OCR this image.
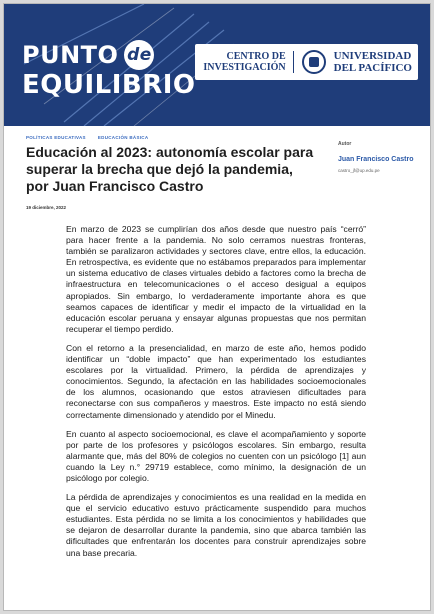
PUNTO de
EQUILIBRIO
CENTRO DE
INVESTIGACIÓN
UNIVERSIDAD
DEL PACÍFICO
POLÍTICAS EDUCATIVAS	EDUCACIÓN BÁSICA
Educación al 2023: autonomía escolar para superar la brecha que dejó la pandemia, por Juan Francisco Castro
19 diciembre, 2022
Autor
Juan Francisco Castro
castro_jf@up.edu.pe

En marzo de 2023 se cumplirían dos años desde que nuestro país “cerró” para hacer frente a la pandemia. No solo cerramos nuestras fronteras, también se paralizaron actividades y sectores clave, entre ellos, la educación. En retrospectiva, es evidente que no estábamos preparados para implementar un sistema educativo de clases virtuales debido a factores como la brecha de infraestructura en telecomunicaciones o el acceso desigual a equipos apropiados. Sin embargo, lo verdaderamente importante ahora es que seamos capaces de identificar y medir el impacto de la virtualidad en la educación escolar peruana y ensayar algunas propuestas que nos permitan recuperar el tiempo perdido.

Con el retorno a la presencialidad, en marzo de este año, hemos podido identificar un “doble impacto” que han experimentado los estudiantes escolares por la virtualidad. Primero, la pérdida de aprendizajes y conocimientos. Segundo, la afectación en las habilidades socioemocionales de los alumnos, ocasionando que estos atraviesen dificultades para reconectarse con sus compañeros y maestros. Este impacto no está siendo correctamente dimensionado y atendido por el Minedu.

En cuanto al aspecto socioemocional, es clave el acompañamiento y soporte por parte de los profesores y psicólogos escolares. Sin embargo, resulta alarmante que, más del 80% de colegios no cuenten con un psicólogo [1] aun cuando la Ley n.° 29719 establece, como mínimo, la designación de un psicólogo por colegio.

La pérdida de aprendizajes y conocimientos es una realidad en la medida en que el servicio educativo estuvo prácticamente suspendido para muchos estudiantes. Esta pérdida no se limita a los conocimientos y habilidades que se dejaron de desarrollar durante la pandemia, sino que abarca también las dificultades que enfrentarán los docentes para construir aprendizajes sobre una base precaria.
